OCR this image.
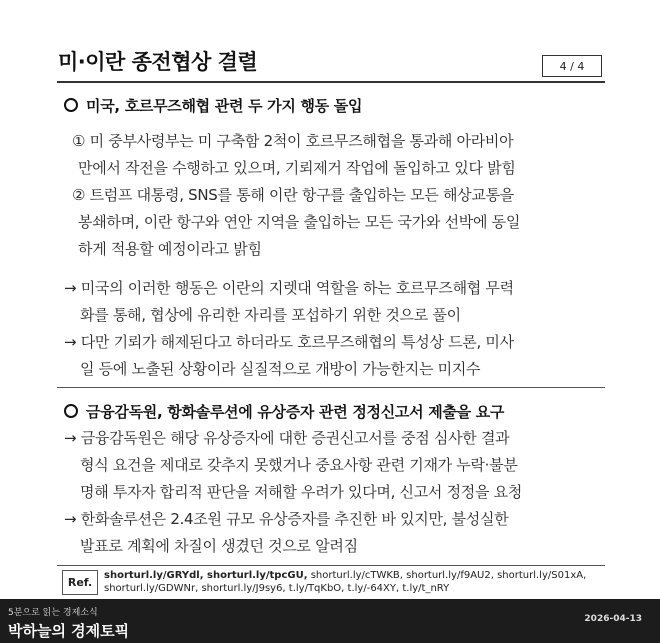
미·이란 종전협상 결렬	4 / 4
미국, 호르무즈해협 관련 두 가지 행동 돌입
① 미 중부사령부는 미 구축함 2척이 호르무즈해협을 통과해 아라비아
만에서 작전을 수행하고 있으며, 기뢰제거 작업에 돌입하고 있다 밝힘
② 트럼프 대통령, SNS를 통해 이란 항구를 출입하는 모든 해상교통을
봉쇄하며, 이란 항구와 연안 지역을 출입하는 모든 국가와 선박에 동일
하게 적용할 예정이라고 밝힘
→ 미국의 이러한 행동은 이란의 지렛대 역할을 하는 호르무즈해협 무력
화를 통해, 협상에 유리한 자리를 포섭하기 위한 것으로 풀이
→ 다만 기뢰가 해제된다고 하더라도 호르무즈해협의 특성상 드론, 미사
일 등에 노출된 상황이라 실질적으로 개방이 가능한지는 미지수
금융감독원, 항화솔루션에 유상증자 관련 정정신고서 제출을 요구
→ 금융감독원은 해당 유상증자에 대한 증권신고서를 중점 심사한 결과
형식 요건을 제대로 갖추지 못했거나 중요사항 관련 기재가 누락·불분
명해 투자자 합리적 판단을 저해할 우려가 있다며, 신고서 정정을 요청
→ 한화솔루션은 2.4조원 규모 유상증자를 추진한 바 있지만, 불성실한
발표로 계획에 차질이 생겼던 것으로 알려짐
Ref.
shorturl.ly/GRYdl, shorturl.ly/tpcGU, shorturl.ly/cTWKB, shorturl.ly/f9AU2, shorturl.ly/S01xA,
shorturl.ly/GDWNr, shorturl.ly/J9sy6, t.ly/TqKbO, t.ly/-64XY, t.ly/t_nRY
5분으로 읽는 경제소식
박하늘의 경제토픽
2026-04-13
